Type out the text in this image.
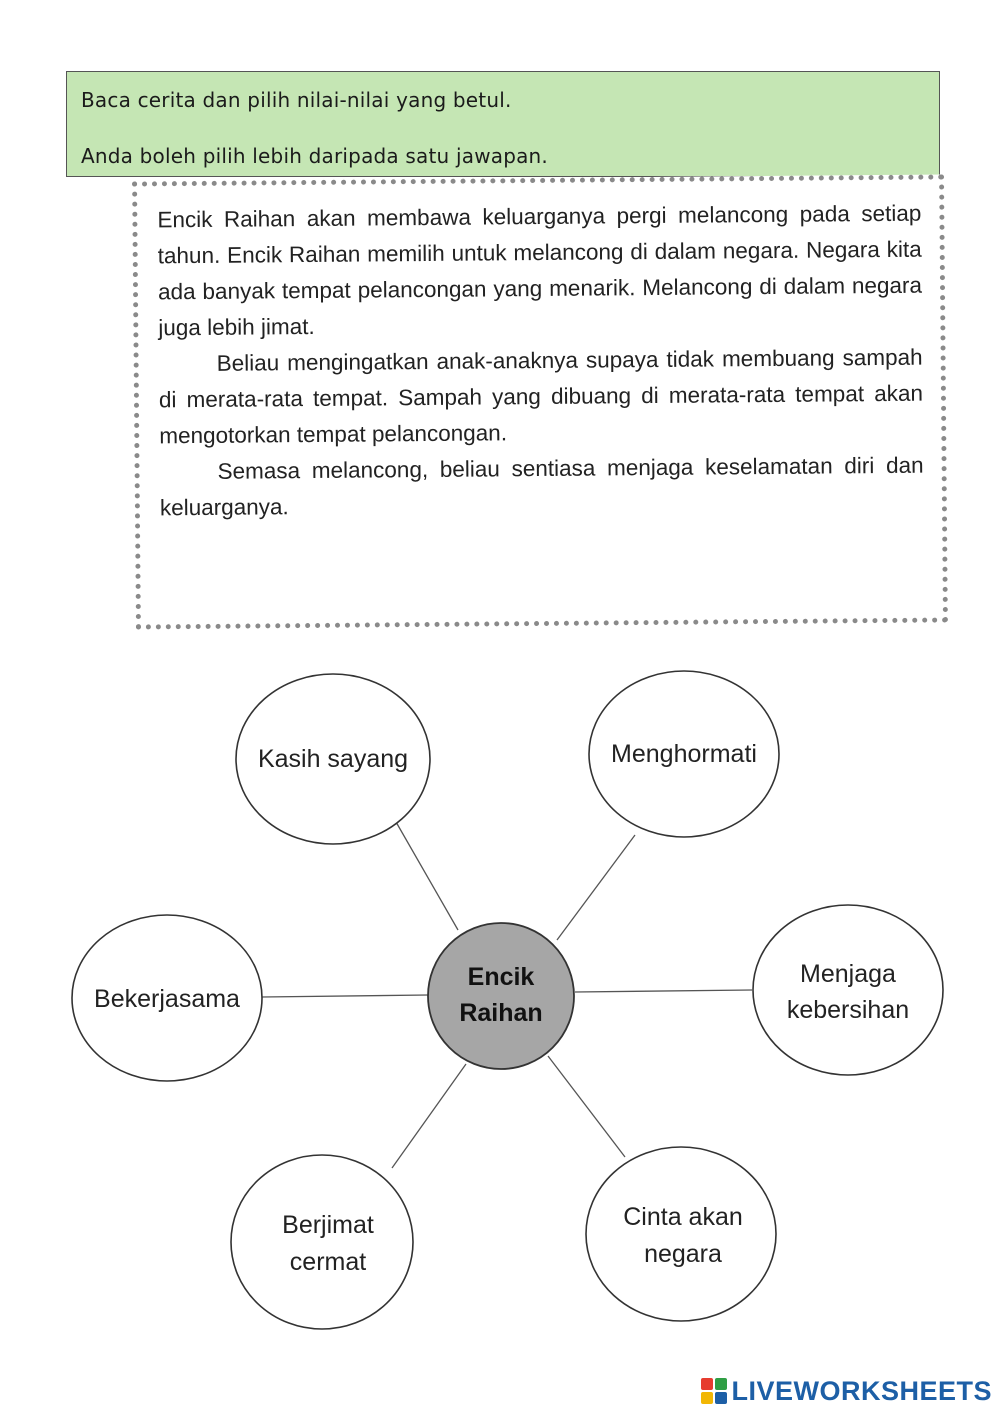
Baca cerita dan pilih nilai-nilai yang betul.

Anda boleh pilih lebih daripada satu jawapan.

Encik Raihan akan membawa keluarganya pergi melancong pada setiap tahun. Encik Raihan memilih untuk melancong di dalam negara. Negara kita ada banyak tempat pelancongan yang menarik. Melancong di dalam negara juga lebih jimat.

Beliau mengingatkan anak-anaknya supaya tidak membuang sampah di merata-rata tempat. Sampah yang dibuang di merata-rata tempat akan mengotorkan tempat pelancongan.

Semasa melancong, beliau sentiasa menjaga keselamatan diri dan keluarganya.

Kasih sayang	Menghormati
Bekerjasama
Menjaga
kebersihan
Berjimat
cermat
Cinta akan
negara
Encik
Raihan
LIVEWORKSHEETS
